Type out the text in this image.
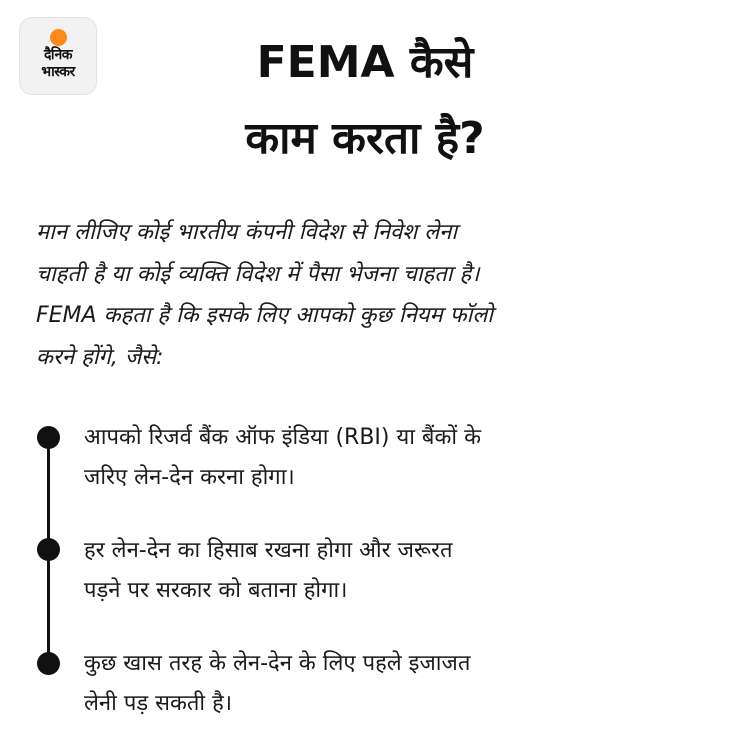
दैनिक
भास्कर	FEMA कैसे
काम करता है?

मान लीजिए कोई भारतीय कंपनी विदेश से निवेश लेना
चाहती है या कोई व्यक्ति विदेश में पैसा भेजना चाहता है।
FEMA कहता है कि इसके लिए आपको कुछ नियम फॉलो
करने होंगे, जैसे:

आपको रिजर्व बैंक ऑफ इंडिया (RBI) या बैंकों के
जरिए लेन-देन करना होगा।

हर लेन-देन का हिसाब रखना होगा और जरूरत
पड़ने पर सरकार को बताना होगा।

कुछ खास तरह के लेन-देन के लिए पहले इजाजत
लेनी पड़ सकती है।
